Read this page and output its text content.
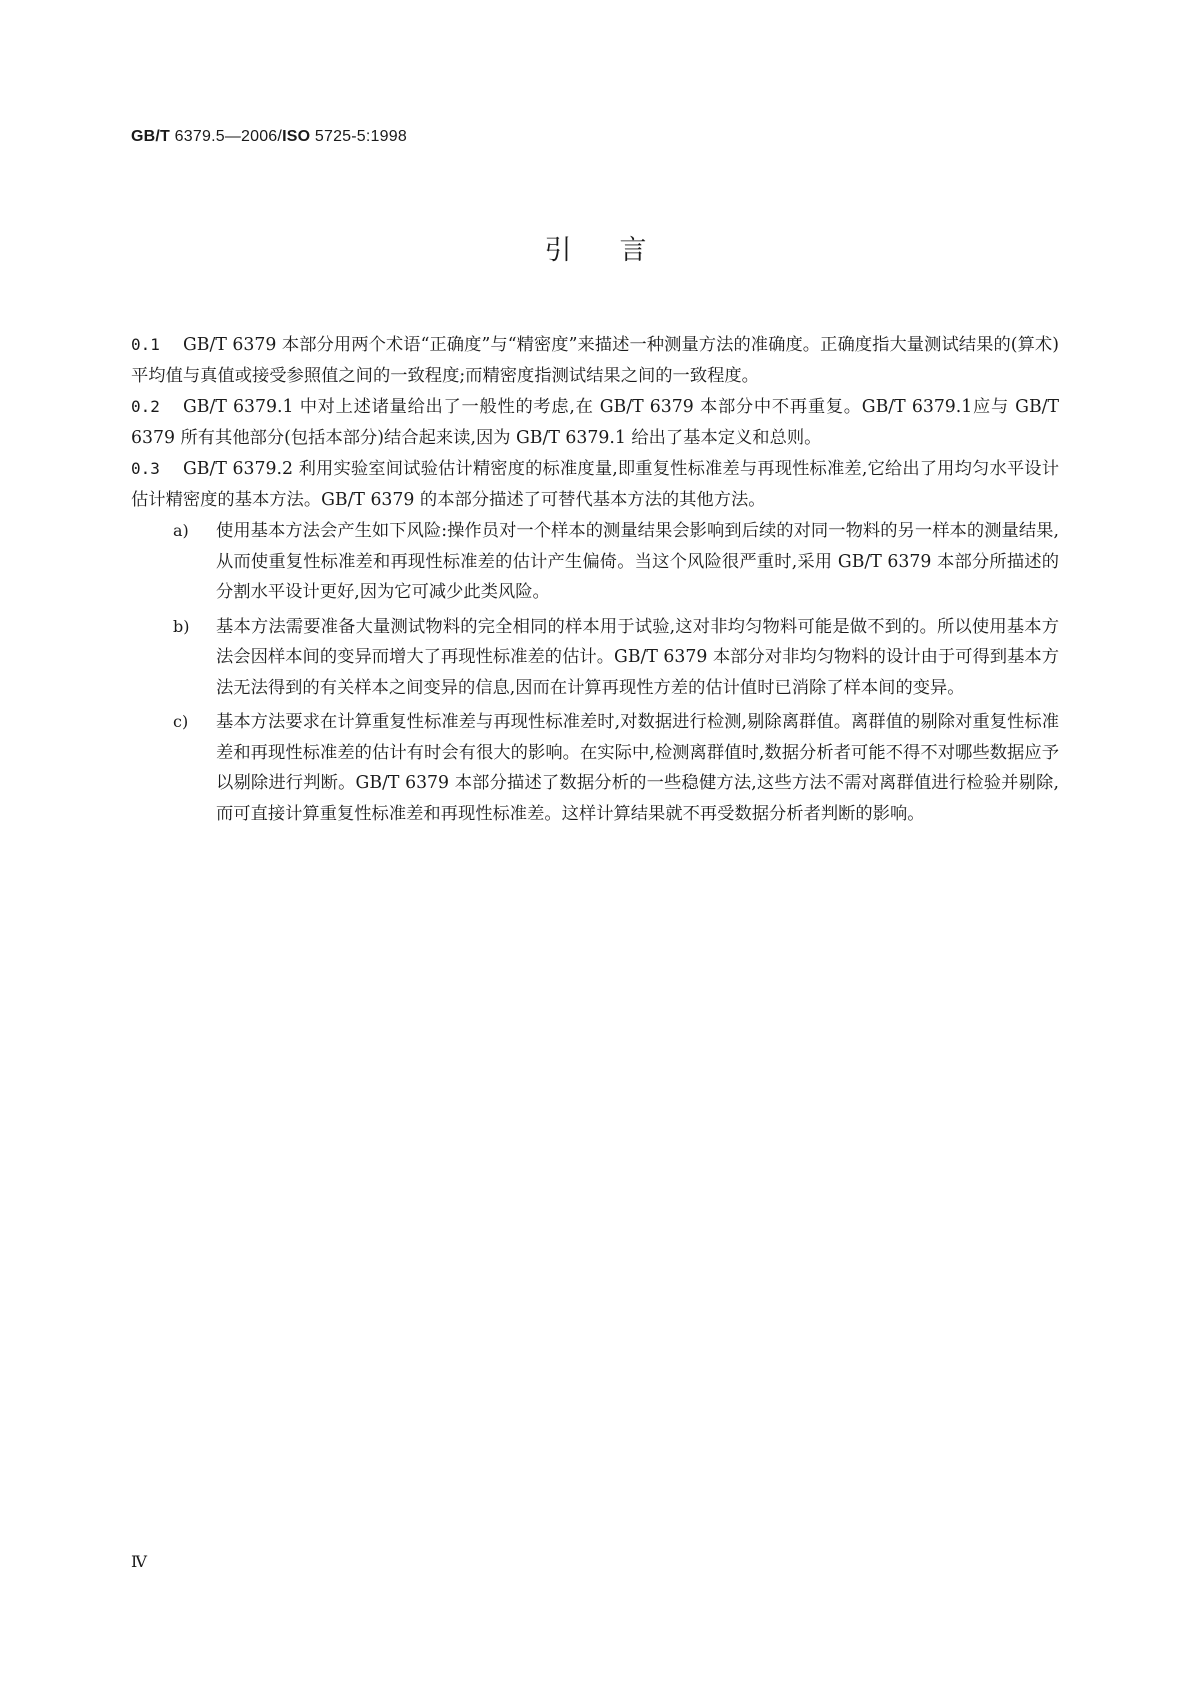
GB/T 6379.5—2006/ISO 5725-5:1998
引言

0.1 GB/T 6379 本部分用两个术语“正确度”与“精密度”来描述一种测量方法的准确度。正确度指大量测试结果的(算术)平均值与真值或接受参照值之间的一致程度;而精密度指测试结果之间的一致程度。

0.2 GB/T 6379.1 中对上述诸量给出了一般性的考虑,在 GB/T 6379 本部分中不再重复。GB/T 6379.1应与 GB/T 6379 所有其他部分(包括本部分)结合起来读,因为 GB/T 6379.1 给出了基本定义和总则。

0.3 GB/T 6379.2 利用实验室间试验估计精密度的标准度量,即重复性标准差与再现性标准差,它给出了用均匀水平设计估计精密度的基本方法。GB/T 6379 的本部分描述了可替代基本方法的其他方法。

a) 使用基本方法会产生如下风险:操作员对一个样本的测量结果会影响到后续的对同一物料的另一样本的测量结果,从而使重复性标准差和再现性标准差的估计产生偏倚。当这个风险很严重时,采用 GB/T 6379 本部分所描述的分割水平设计更好,因为它可减少此类风险。
b) 基本方法需要准备大量测试物料的完全相同的样本用于试验,这对非均匀物料可能是做不到的。所以使用基本方法会因样本间的变异而增大了再现性标准差的估计。GB/T 6379 本部分对非均匀物料的设计由于可得到基本方法无法得到的有关样本之间变异的信息,因而在计算再现性方差的估计值时已消除了样本间的变异。
c) 基本方法要求在计算重复性标准差与再现性标准差时,对数据进行检测,剔除离群值。离群值的剔除对重复性标准差和再现性标准差的估计有时会有很大的影响。在实际中,检测离群值时,数据分析者可能不得不对哪些数据应予以剔除进行判断。GB/T 6379 本部分描述了数据分析的一些稳健方法,这些方法不需对离群值进行检验并剔除,而可直接计算重复性标准差和再现性标准差。这样计算结果就不再受数据分析者判断的影响。
Ⅳ
